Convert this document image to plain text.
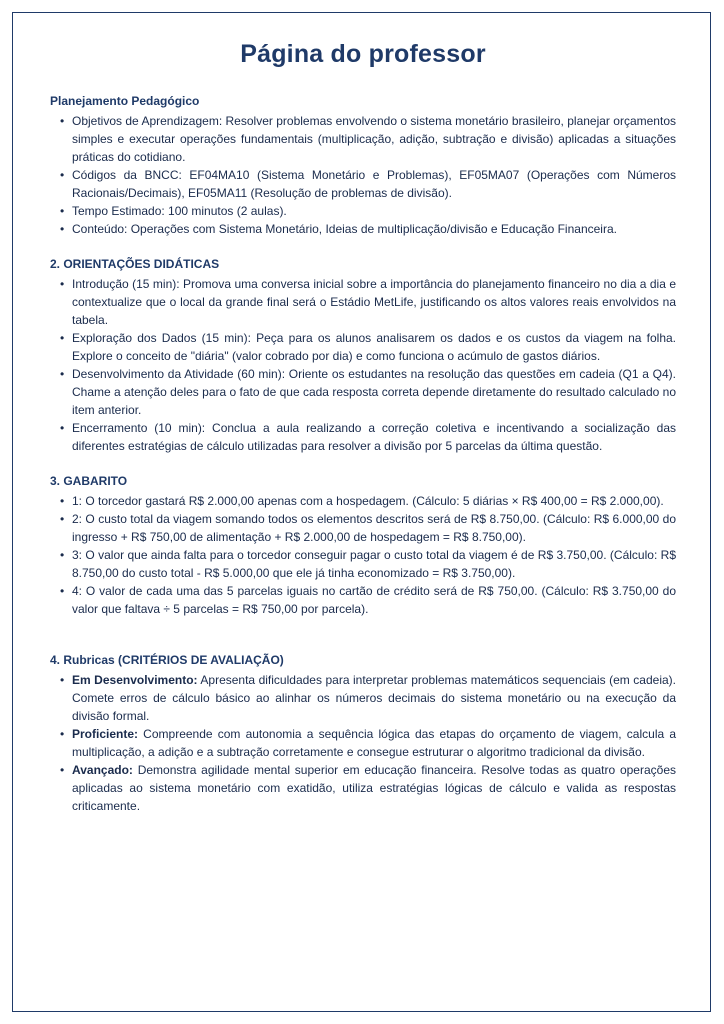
Página do professor
Planejamento Pedagógico
• Objetivos de Aprendizagem: Resolver problemas envolvendo o sistema monetário brasileiro, planejar orçamentos simples e executar operações fundamentais (multiplicação, adição, subtração e divisão) aplicadas a situações práticas do cotidiano.
• Códigos da BNCC: EF04MA10 (Sistema Monetário e Problemas), EF05MA07 (Operações com Números Racionais/Decimais), EF05MA11 (Resolução de problemas de divisão).
• Tempo Estimado: 100 minutos (2 aulas).
• Conteúdo: Operações com Sistema Monetário, Ideias de multiplicação/divisão e Educação Financeira.
2. ORIENTAÇÕES DIDÁTICAS
• Introdução (15 min): Promova uma conversa inicial sobre a importância do planejamento financeiro no dia a dia e contextualize que o local da grande final será o Estádio MetLife, justificando os altos valores reais envolvidos na tabela.
• Exploração dos Dados (15 min): Peça para os alunos analisarem os dados e os custos da viagem na folha. Explore o conceito de "diária" (valor cobrado por dia) e como funciona o acúmulo de gastos diários.
• Desenvolvimento da Atividade (60 min): Oriente os estudantes na resolução das questões em cadeia (Q1 a Q4). Chame a atenção deles para o fato de que cada resposta correta depende diretamente do resultado calculado no item anterior.
• Encerramento (10 min): Conclua a aula realizando a correção coletiva e incentivando a socialização das diferentes estratégias de cálculo utilizadas para resolver a divisão por 5 parcelas da última questão.
3. GABARITO
• 1: O torcedor gastará R$ 2.000,00 apenas com a hospedagem. (Cálculo: 5 diárias × R$ 400,00 = R$ 2.000,00).
• 2: O custo total da viagem somando todos os elementos descritos será de R$ 8.750,00. (Cálculo: R$ 6.000,00 do ingresso + R$ 750,00 de alimentação + R$ 2.000,00 de hospedagem = R$ 8.750,00).
• 3: O valor que ainda falta para o torcedor conseguir pagar o custo total da viagem é de R$ 3.750,00. (Cálculo: R$ 8.750,00 do custo total - R$ 5.000,00 que ele já tinha economizado = R$ 3.750,00).
• 4: O valor de cada uma das 5 parcelas iguais no cartão de crédito será de R$ 750,00. (Cálculo: R$ 3.750,00 do valor que faltava ÷ 5 parcelas = R$ 750,00 por parcela).
4. Rubricas (CRITÉRIOS DE AVALIAÇÃO)
• Em Desenvolvimento: Apresenta dificuldades para interpretar problemas matemáticos sequenciais (em cadeia). Comete erros de cálculo básico ao alinhar os números decimais do sistema monetário ou na execução da divisão formal.
• Proficiente: Compreende com autonomia a sequência lógica das etapas do orçamento de viagem, calcula a multiplicação, a adição e a subtração corretamente e consegue estruturar o algoritmo tradicional da divisão.
• Avançado: Demonstra agilidade mental superior em educação financeira. Resolve todas as quatro operações aplicadas ao sistema monetário com exatidão, utiliza estratégias lógicas de cálculo e valida as respostas criticamente.
